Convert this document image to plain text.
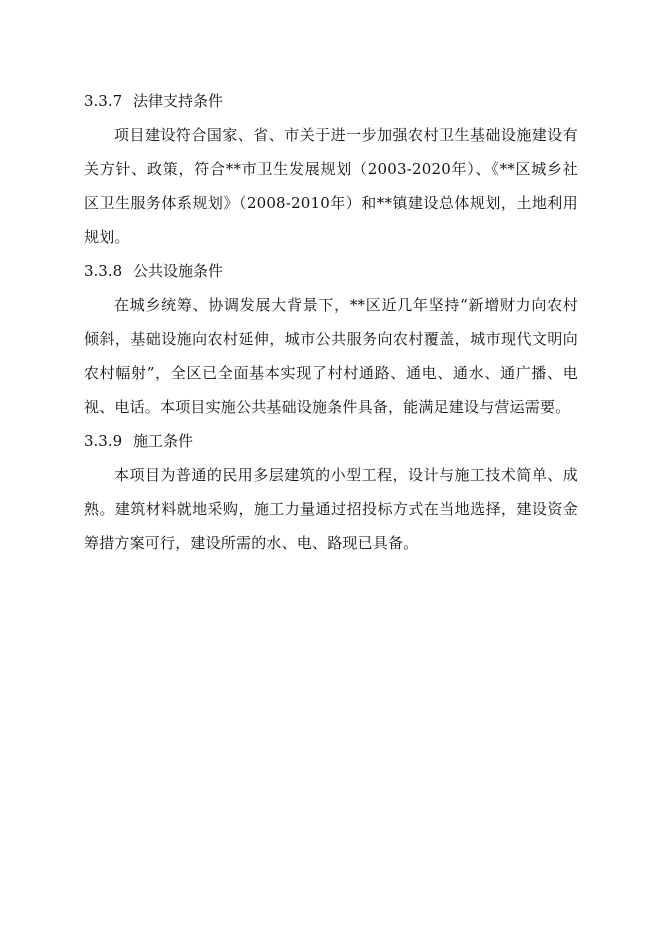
3.3.7 法律支持条件

项目建设符合国家、省、市关于进一步加强农村卫生基础设施建设有关方针、政策，符合**市卫生发展规划（2003-2020年）、《**区城乡社区卫生服务体系规划》（2008-2010年）和**镇建设总体规划，土地利用规划。

3.3.8 公共设施条件

在城乡统筹、协调发展大背景下，**区近几年坚持“新增财力向农村倾斜，基础设施向农村延伸，城市公共服务向农村覆盖，城市现代文明向农村幅射”，全区已全面基本实现了村村通路、通电、通水、通广播、电视、电话。本项目实施公共基础设施条件具备，能满足建设与营运需要。

3.3.9 施工条件

本项目为普通的民用多层建筑的小型工程，设计与施工技术简单、成熟。建筑材料就地采购，施工力量通过招投标方式在当地选择，建设资金筹措方案可行，建设所需的水、电、路现已具备。
